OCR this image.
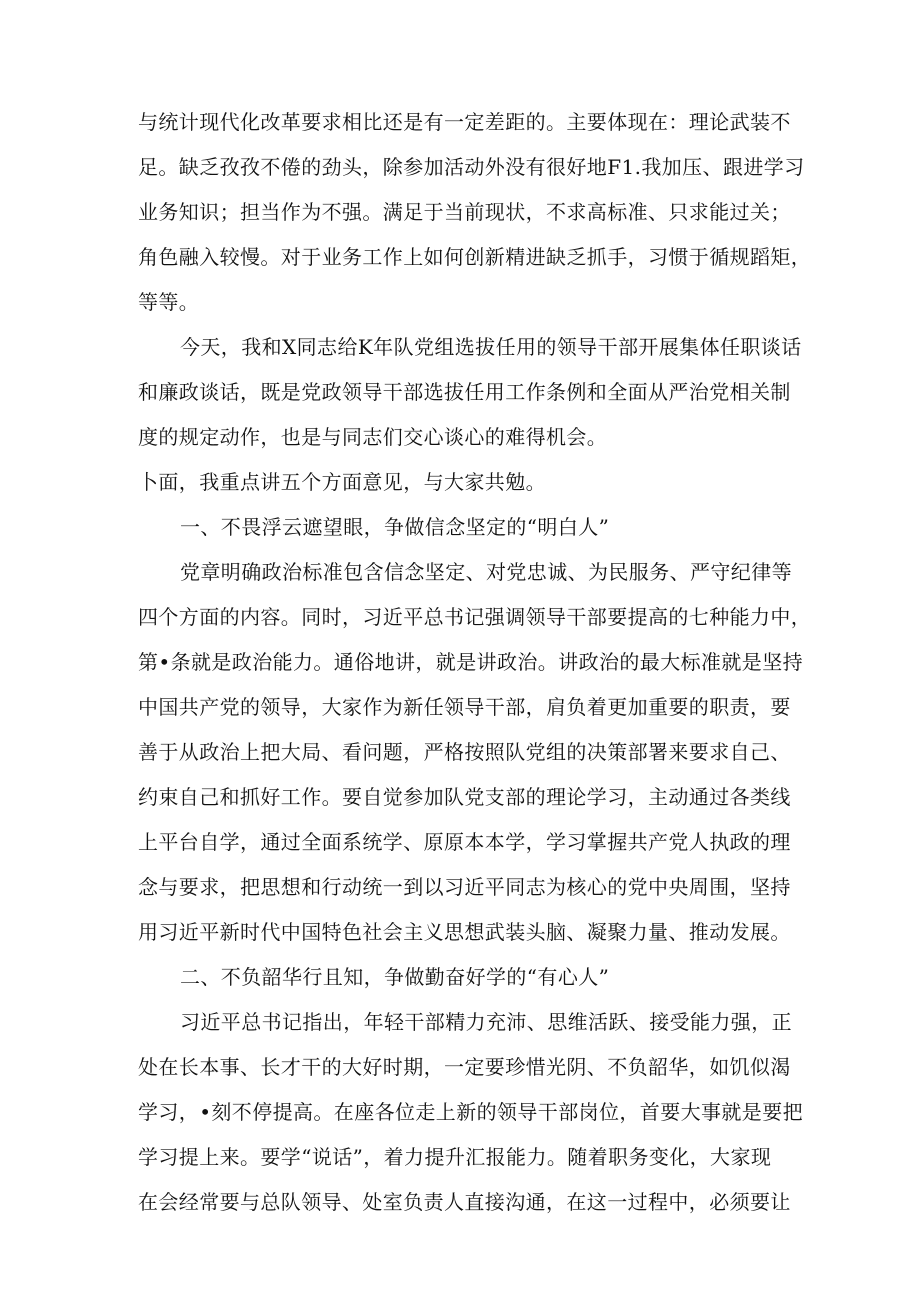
与统计现代化改革要求相比还是有一定差距的。主要体现在：理论武装不
足。缺乏孜孜不倦的劲头，除参加活动外没有很好地F1.我加压、跟进学习
业务知识；担当作为不强。满足于当前现状，不求高标准、只求能过关；
角色融入较慢。对于业务工作上如何创新精进缺乏抓手，习惯于循规蹈矩，
等等。
今天，我和X同志给K年队党组选拔任用的领导干部开展集体任职谈话
和廉政谈话，既是党政领导干部选拔任用工作条例和全面从严治党相关制
度的规定动作，也是与同志们交心谈心的难得机会。
卜面，我重点讲五个方面意见，与大家共勉。
一、不畏浮云遮望眼，争做信念坚定的“明白人”
党章明确政治标准包含信念坚定、对党忠诚、为民服务、严守纪律等
四个方面的内容。同时，习近平总书记强调领导干部要提高的七种能力中，
第•条就是政治能力。通俗地讲，就是讲政治。讲政治的最大标准就是坚持
中国共产党的领导，大家作为新任领导干部，肩负着更加重要的职责，要
善于从政治上把大局、看问题，严格按照队党组的决策部署来要求自己、
约束自己和抓好工作。要自觉参加队党支部的理论学习，主动通过各类线
上平台自学，通过全面系统学、原原本本学，学习掌握共产党人执政的理
念与要求，把思想和行动统一到以习近平同志为核心的党中央周围，坚持
用习近平新时代中国特色社会主义思想武装头脑、凝聚力量、推动发展。
二、不负韶华行且知，争做勤奋好学的“有心人”
习近平总书记指出，年轻干部精力充沛、思维活跃、接受能力强，正
处在长本事、长才干的大好时期，一定要珍惜光阴、不负韶华，如饥似渴
学习，•刻不停提高。在座各位走上新的领导干部岗位，首要大事就是要把
学习提上来。要学“说话”，着力提升汇报能力。随着职务变化，大家现
在会经常要与总队领导、处室负责人直接沟通，在这一过程中，必须要让
